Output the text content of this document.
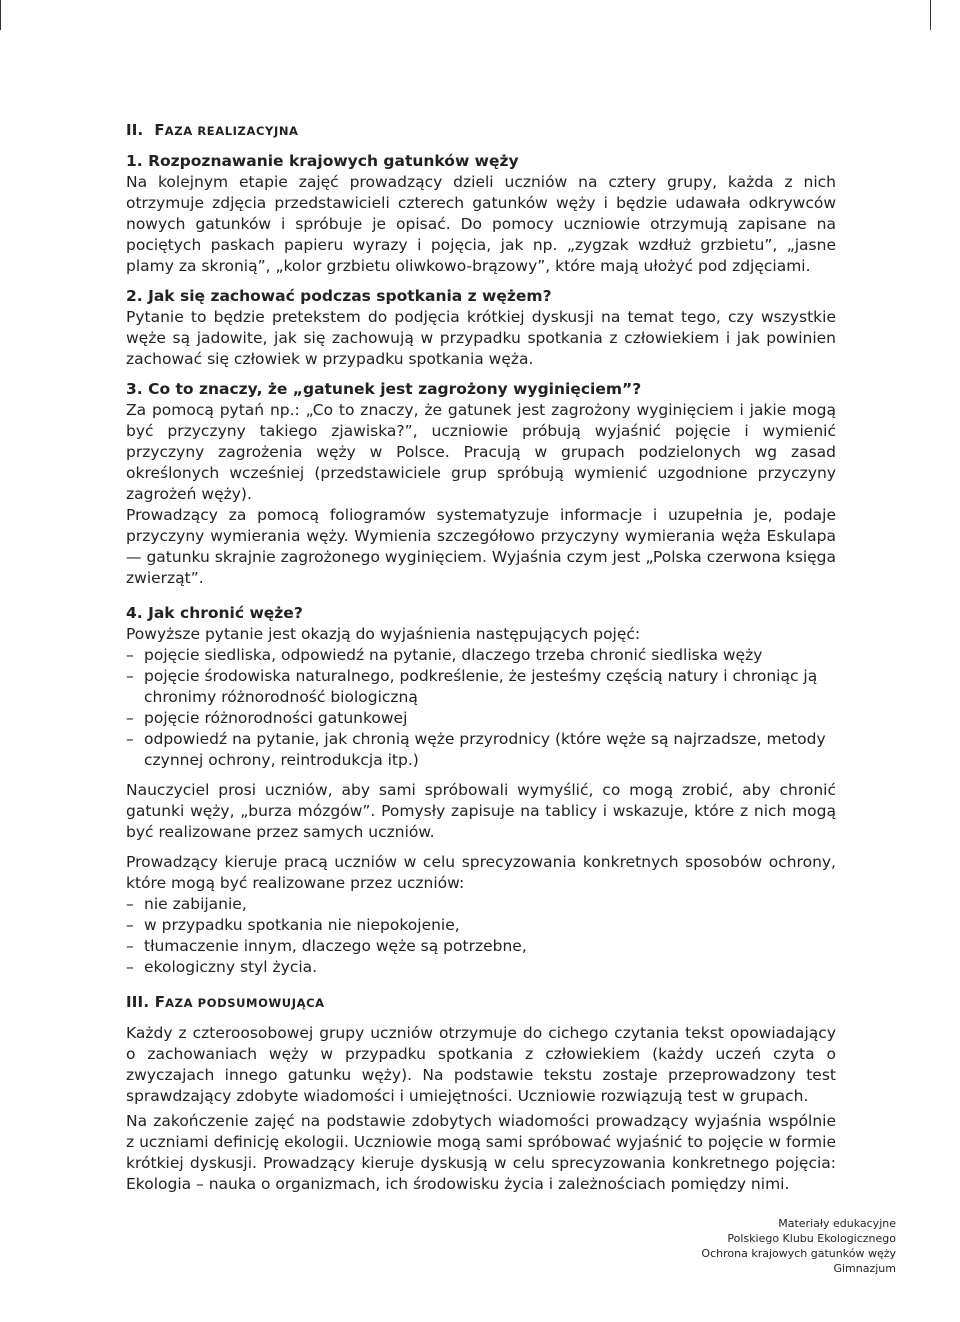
II. FAZA REALIZACYJNA

1. Rozpoznawanie krajowych gatunków węży

Na kolejnym etapie zajęć prowadzący dzieli uczniów na cztery grupy, każda z nich otrzymuje zdjęcia przedstawicieli czterech gatunków węży i będzie udawała odkrywców nowych gatunków i spróbuje je opisać. Do pomocy uczniowie otrzymują zapisane na pociętych paskach papieru wyrazy i pojęcia, jak np. „zygzak wzdłuż grzbietu”, „jasne plamy za skronią”, „kolor grzbietu oliwkowo-brązowy”, które mają ułożyć pod zdjęciami.

2. Jak się zachować podczas spotkania z wężem?

Pytanie to będzie pretekstem do podjęcia krótkiej dyskusji na temat tego, czy wszystkie węże są jadowite, jak się zachowują w przypadku spotkania z człowiekiem i jak powinien zachować się człowiek w przypadku spotkania węża.

3. Co to znaczy, że „gatunek jest zagrożony wyginięciem”?

Za pomocą pytań np.: „Co to znaczy, że gatunek jest zagrożony wyginięciem i jakie mogą być przyczyny takiego zjawiska?”, uczniowie próbują wyjaśnić pojęcie i wymienić przyczyny zagrożenia węży w Polsce. Pracują w grupach podzielonych wg zasad określonych wcześniej (przedstawiciele grup spróbują wymienić uzgodnione przyczyny zagrożeń węży).

Prowadzący za pomocą foliogramów systematyzuje informacje i uzupełnia je, podaje przyczyny wymierania węży. Wymienia szczegółowo przyczyny wymierania węża Eskulapa — gatunku skrajnie zagrożonego wyginięciem. Wyjaśnia czym jest „Polska czerwona księga zwierząt”.

4. Jak chronić węże?

Powyższe pytanie jest okazją do wyjaśnienia następujących pojęć:

– pojęcie siedliska, odpowiedź na pytanie, dlaczego trzeba chronić siedliska węży
– pojęcie środowiska naturalnego, podkreślenie, że jesteśmy częścią natury i chroniąc ją chronimy różnorodność biologiczną
– pojęcie różnorodności gatunkowej
– odpowiedź na pytanie, jak chronią węże przyrodnicy (które węże są najrzadsze, metody czynnej ochrony, reintrodukcja itp.)

Nauczyciel prosi uczniów, aby sami spróbowali wymyślić, co mogą zrobić, aby chronić gatunki węży, „burza mózgów”. Pomysły zapisuje na tablicy i wskazuje, które z nich mogą być realizowane przez samych uczniów.

Prowadzący kieruje pracą uczniów w celu sprecyzowania konkretnych sposobów ochrony, które mogą być realizowane przez uczniów:

– nie zabijanie,
– w przypadku spotkania nie niepokojenie,
– tłumaczenie innym, dlaczego węże są potrzebne,
– ekologiczny styl życia.
III. FAZA PODSUMOWUJĄCA

Każdy z czteroosobowej grupy uczniów otrzymuje do cichego czytania tekst opowiadający o zachowaniach węży w przypadku spotkania z człowiekiem (każdy uczeń czyta o zwyczajach innego gatunku węży). Na podstawie tekstu zostaje przeprowadzony test sprawdzający zdobyte wiadomości i umiejętności. Uczniowie rozwiązują test w grupach.

Na zakończenie zajęć na podstawie zdobytych wiadomości prowadzący wyjaśnia wspólnie z uczniami definicję ekologii. Uczniowie mogą sami spróbować wyjaśnić to pojęcie w formie krótkiej dyskusji. Prowadzący kieruje dyskusją w celu sprecyzowania konkretnego pojęcia: Ekologia – nauka o organizmach, ich środowisku życia i zależnościach pomiędzy nimi.

Materiały edukacyjne
Polskiego Klubu Ekologicznego
Ochrona krajowych gatunków węży
Gimnazjum
